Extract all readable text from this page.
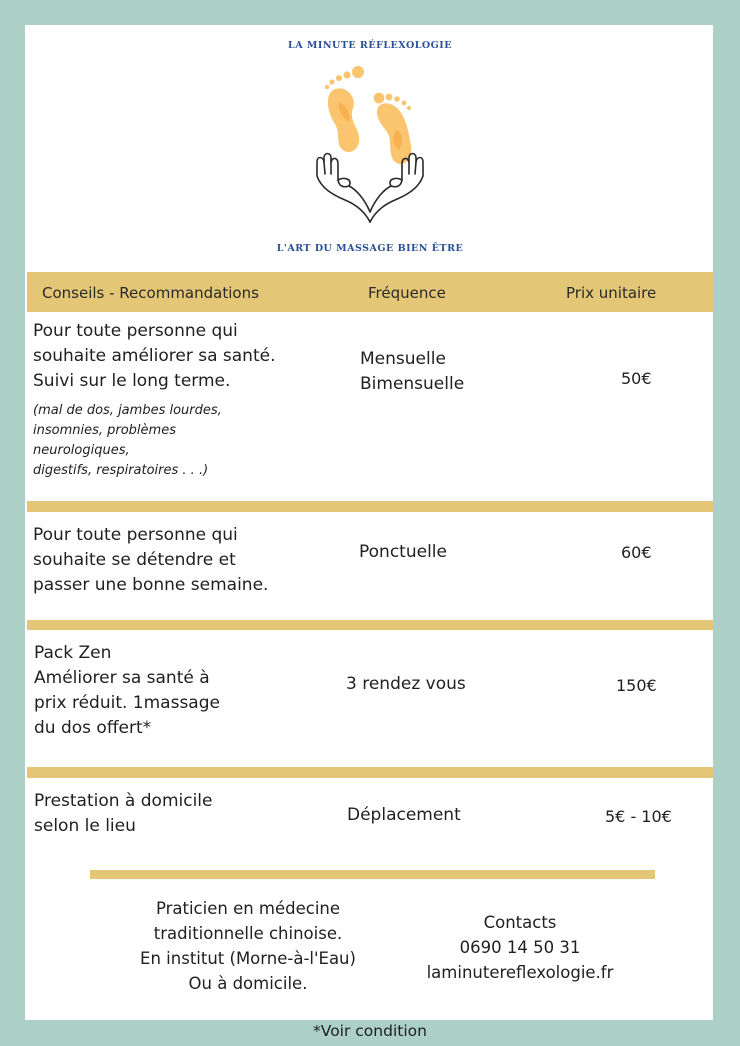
LA MINUTE RÉFLEXOLOGIE
L'ART DU MASSAGE BIEN ÊTRE
Conseils - Recommandations	Fréquence	Prix unitaire
Pour toute personne qui
souhaite améliorer sa santé.
Suivi sur le long terme.
(mal de dos, jambes lourdes,
insomnies, problèmes
neurologiques,
digestifs, respiratoires . . .)
Mensuelle
Bimensuelle	50€
Pour toute personne qui
souhaite se détendre et
passer une bonne semaine.
Ponctuelle	60€
Pack Zen
Améliorer sa santé à
prix réduit. 1massage
du dos offert*
3 rendez vous	150€
Prestation à domicile
selon le lieu
Déplacement	5€ - 10€
Praticien en médecine
traditionnelle chinoise.
En institut (Morne-à-l'Eau)
Ou à domicile.
Contacts
0690 14 50 31
laminutereflexologie.fr
*Voir condition
